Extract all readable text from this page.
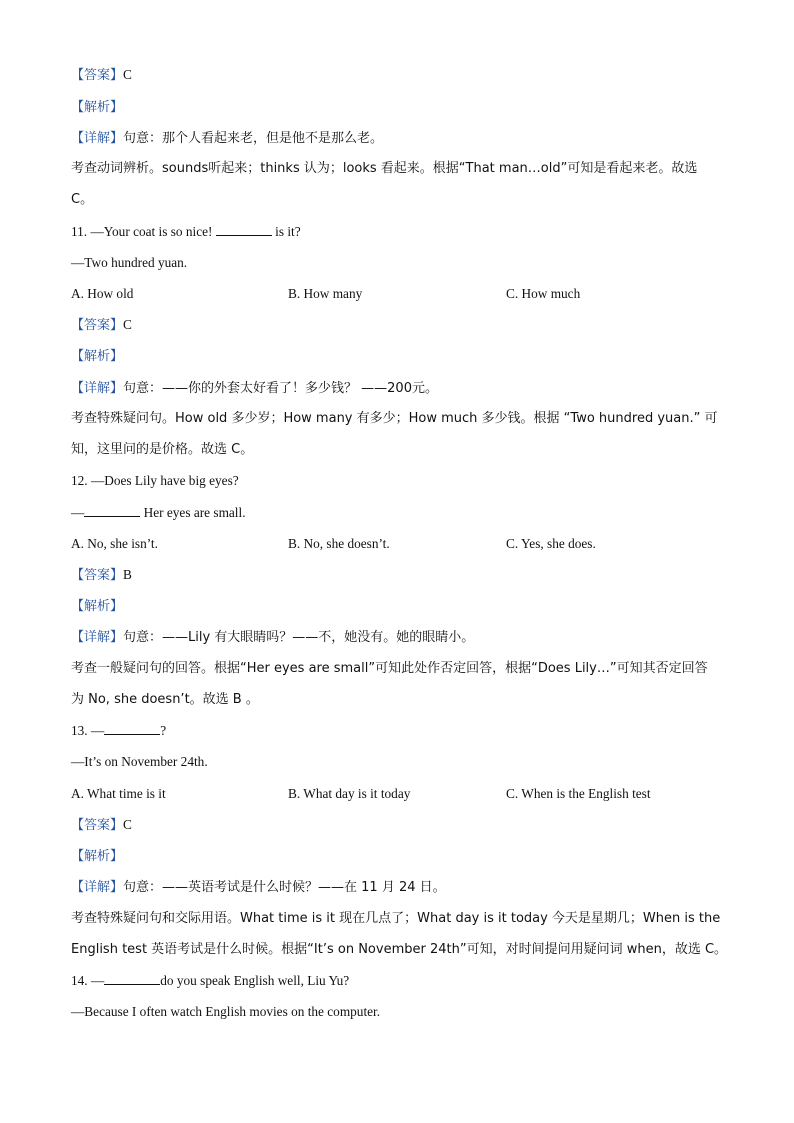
【答案】C
【解析】
【详解】句意：那个人看起来老，但是他不是那么老。
考查动词辨析。sounds听起来；thinks 认为；looks 看起来。根据“That man…old”可知是看起来老。故选
C。
11. —Your coat is so nice!	is it?
—Two hundred yuan.
A. How old	B. How many	C. How much
【答案】C
【解析】
【详解】句意：——你的外套太好看了！多少钱？ ——200元。
考查特殊疑问句。How old 多少岁；How many 有多少；How much 多少钱。根据 “Two hundred yuan.” 可
知，这里问的是价格。故选 C。
12. —Does Lily have big eyes?
—	Her eyes are small.
A. No, she isn’t.	B. No, she doesn’t.	C. Yes, she does.
【答案】B
【解析】
【详解】句意：——Lily 有大眼睛吗？——不，她没有。她的眼睛小。
考查一般疑问句的回答。根据“Her eyes are small”可知此处作否定回答，根据“Does Lily…”可知其否定回答
为 No, she doesn’t。故选 B 。
13. —	?
—It’s on November 24th.
A. What time is it	B. What day is it today	C. When is the English test
【答案】C
【解析】
【详解】句意：——英语考试是什么时候？——在 11 月 24 日。
考查特殊疑问句和交际用语。What time is it 现在几点了；What day is it today 今天是星期几；When is the
English test 英语考试是什么时候。根据“It’s on November 24th”可知，对时间提问用疑问词 when，故选 C。
14. —	do you speak English well, Liu Yu?
—Because I often watch English movies on the computer.
